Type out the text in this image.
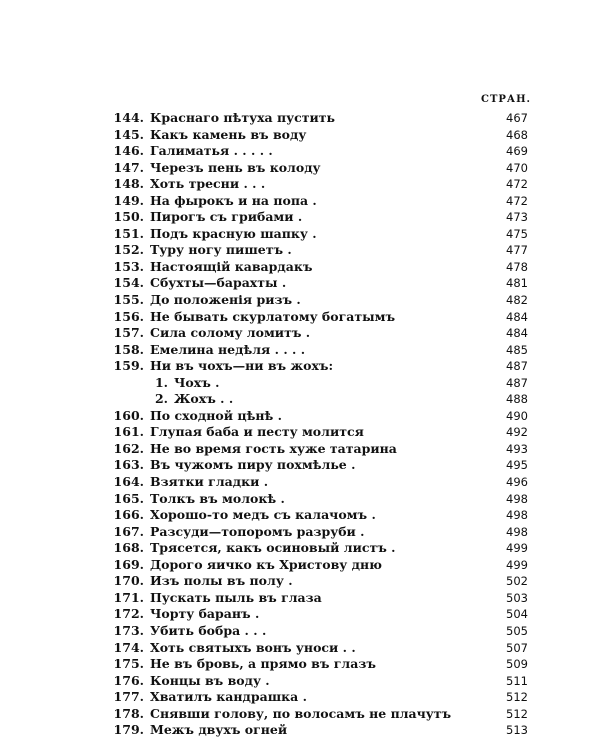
СТРАН.
144. Краснаго пѣтуха пустить	467
145. Какъ камень въ воду	468
146. Галиматья . . . . .	469
147. Черезъ пень въ колоду	470
148. Хоть тресни . . .	472
149. На фырокъ и на попа .	472
150. Пирогъ съ грибами .	473
151. Подъ красную шапку .	475
152. Туру ногу пишетъ .	477
153. Настоящій кавардакъ	478
154. Сбухты—барахты .	481
155. До положенія ризъ .	482
156. Не бывать скурлатому богатымъ	484
157. Сила солому ломитъ .	484
158. Емелина недѣля . . . .	485
159. Ни въ чохъ—ни въ жохъ:	487
1. Чохъ .	487
2. Жохъ . .	488
160. По сходной цѣнѣ .	490
161. Глупая баба и песту молится	492
162. Не во время гость хуже татарина	493
163. Въ чужомъ пиру похмѣлье .	495
164. Взятки гладки .	496
165. Толкъ въ молокѣ .	498
166. Хорошо-то медъ съ калачомъ .	498
167. Разсуди—топоромъ разруби .	498
168. Трясется, какъ осиновый листъ .	499
169. Дорого яичко къ Христову дню	499
170. Изъ полы въ полу .	502
171. Пускать пыль въ глаза	503
172. Чорту баранъ .	504
173. Убить бобра . . .	505
174. Хоть святыхъ вонъ уноси . .	507
175. Не въ бровь, а прямо въ глазъ	509
176. Концы въ воду .	511
177. Хватилъ кандрашка .	512
178. Снявши голову, по волосамъ не плачутъ	512
179. Межъ двухъ огней	513
